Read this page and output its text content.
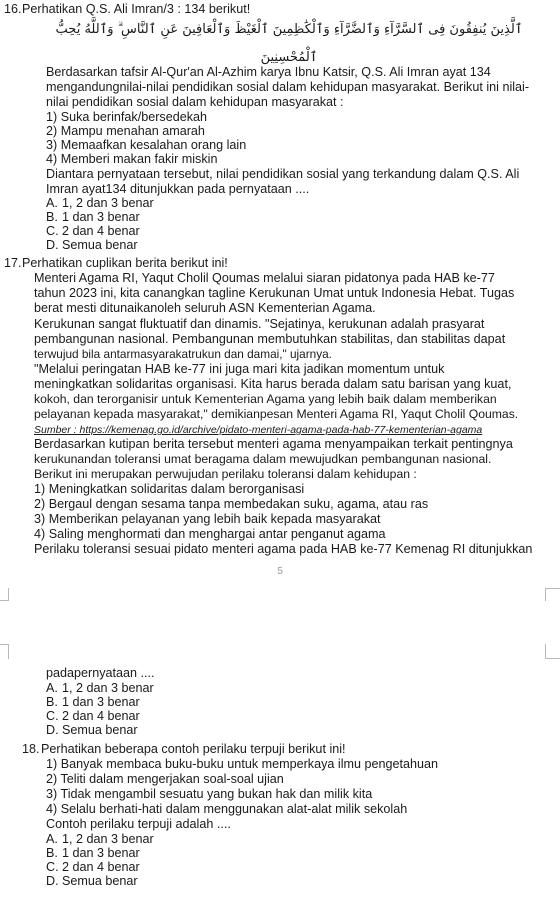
16. Perhatikan Q.S. Ali Imran/3 : 134 berikut!
ٱلَّذِينَ يُنفِقُونَ فِى ٱلسَّرَّآءِ وَٱلضَّرَّآءِ وَٱلْكَٰظِمِينَ ٱلْغَيْظَ وَٱلْعَافِينَ عَنِ ٱلنَّاسِ ۗ وَٱللَّهُ يُحِبُّ ٱلْمُحْسِنِينَ
Berdasarkan tafsir Al-Qur'an Al-Azhim karya Ibnu Katsir, Q.S. Ali Imran ayat 134
mengandungnilai-nilai pendidikan sosial dalam kehidupan masyarakat. Berikut ini nilai-
nilai pendidikan sosial dalam kehidupan masyarakat :
1) Suka berinfak/bersedekah
2) Mampu menahan amarah
3) Memaafkan kesalahan orang lain
4) Memberi makan fakir miskin
Diantara pernyataan tersebut, nilai pendidikan sosial yang terkandung dalam Q.S. Ali
Imran ayat134 ditunjukkan pada pernyataan ....
A. 1, 2 dan 3 benar
B. 1 dan 3 benar
C. 2 dan 4 benar
D. Semua benar
17. Perhatikan cuplikan berita berikut ini!
Menteri Agama RI, Yaqut Cholil Qoumas melalui siaran pidatonya pada HAB ke-77
tahun 2023 ini, kita canangkan tagline Kerukunan Umat untuk Indonesia Hebat. Tugas
berat mesti ditunaikanoleh seluruh ASN Kementerian Agama.
Kerukunan sangat fluktuatif dan dinamis. "Sejatinya, kerukunan adalah prasyarat
pembangunan nasional. Pembangunan membutuhkan stabilitas, dan stabilitas dapat
terwujud bila antarmasyarakatrukun dan damai," ujarnya.
"Melalui peringatan HAB ke-77 ini juga mari kita jadikan momentum untuk
meningkatkan solidaritas organisasi. Kita harus berada dalam satu barisan yang kuat,
kokoh, dan terorganisir untuk Kementerian Agama yang lebih baik dalam memberikan
pelayanan kepada masyarakat," demikianpesan Menteri Agama RI, Yaqut Cholil Qoumas.
Sumber : https://kemenag.go.id/archive/pidato-menteri-agama-pada-hab-77-kementerian-agama
Berdasarkan kutipan berita tersebut menteri agama menyampaikan terkait pentingnya
kerukunandan toleransi umat beragama dalam mewujudkan pembangunan nasional.
Berikut ini merupakan perwujudan perilaku toleransi dalam kehidupan :
1) Meningkatkan solidaritas dalam berorganisasi
2) Bergaul dengan sesama tanpa membedakan suku, agama, atau ras
3) Memberikan pelayanan yang lebih baik kepada masyarakat
4) Saling menghormati dan menghargai antar penganut agama
Perilaku toleransi sesuai pidato menteri agama pada HAB ke-77 Kemenag RI ditunjukkan
5
padapernyataan ....
A. 1, 2 dan 3 benar
B. 1 dan 3 benar
C. 2 dan 4 benar
D. Semua benar
18. Perhatikan beberapa contoh perilaku terpuji berikut ini!
1) Banyak membaca buku-buku untuk memperkaya ilmu pengetahuan
2) Teliti dalam mengerjakan soal-soal ujian
3) Tidak mengambil sesuatu yang bukan hak dan milik kita
4) Selalu berhati-hati dalam menggunakan alat-alat milik sekolah
Contoh perilaku terpuji adalah ....
A. 1, 2 dan 3 benar
B. 1 dan 3 benar
C. 2 dan 4 benar
D. Semua benar
